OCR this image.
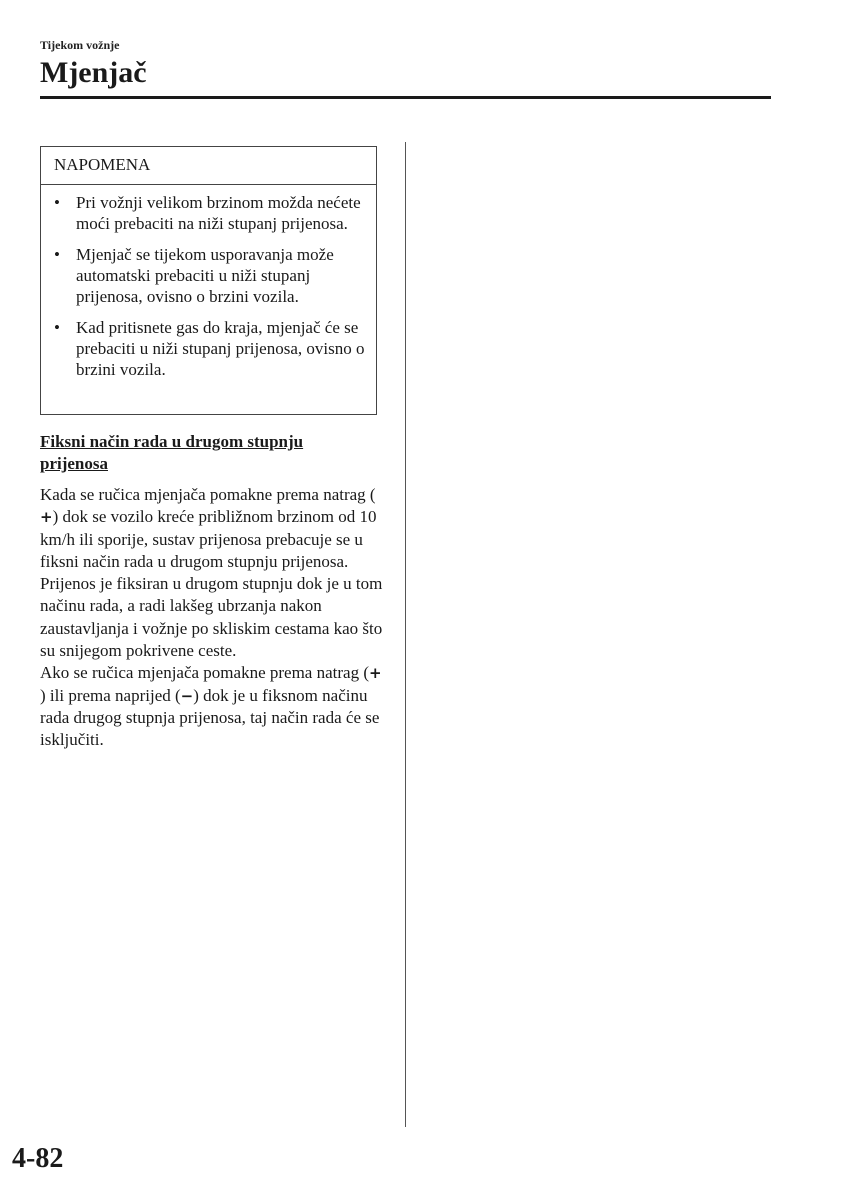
Tijekom vožnje
Mjenjač
NAPOMENA
• Pri vožnji velikom brzinom možda nećete moći prebaciti na niži stupanj prijenosa.
• Mjenjač se tijekom usporavanja može automatski prebaciti u niži stupanj prijenosa, ovisno o brzini vozila.
• Kad pritisnete gas do kraja, mjenjač će se prebaciti u niži stupanj prijenosa, ovisno o brzini vozila.
Fiksni način rada u drugom stupnju prijenosa

Kada se ručica mjenjača pomakne prema natrag (+) dok se vozilo kreće približnom brzinom od 10 km/h ili sporije, sustav prijenosa prebacuje se u fiksni način rada u drugom stupnju prijenosa. Prijenos je fiksiran u drugom stupnju dok je u tom načinu rada, a radi lakšeg ubrzanja nakon zaustavljanja i vožnje po skliskim cestama kao što su snijegom pokrivene ceste.

Ako se ručica mjenjača pomakne prema natrag (+) ili prema naprijed (−) dok je u fiksnom načinu rada drugog stupnja prijenosa, taj način rada će se isključiti.

4-82
